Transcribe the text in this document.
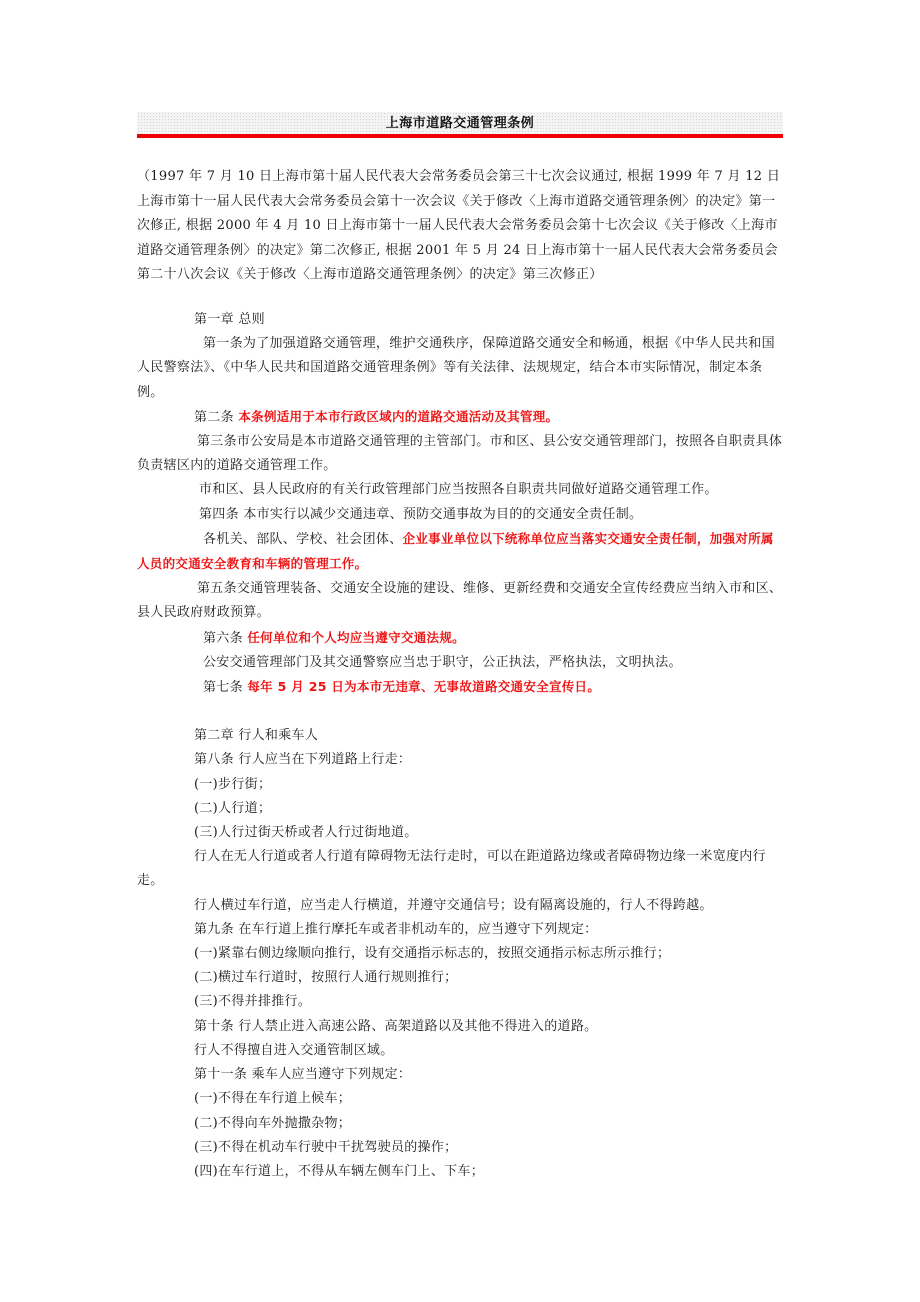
上海市道路交通管理条例

（1997 年 7 月 10 日上海市第十届人民代表大会常务委员会第三十七次会议通过, 根据 1999 年 7 月 12 日上海市第十一届人民代表大会常务委员会第十一次会议《关于修改〈上海市道路交通管理条例〉的决定》第一次修正, 根据 2000 年 4 月 10 日上海市第十一届人民代表大会常务委员会第十七次会议《关于修改〈上海市道路交通管理条例〉的决定》第二次修正, 根据 2001 年 5 月 24 日上海市第十一届人民代表大会常务委员会第二十八次会议《关于修改〈上海市道路交通管理条例〉的决定》第三次修正）

第一章 总则

第一条为了加强道路交通管理，维护交通秩序，保障道路交通安全和畅通，根据《中华人民共和国人民警察法》、《中华人民共和国道路交通管理条例》等有关法律、法规规定，结合本市实际情况，制定本条例。

第二条 本条例适用于本市行政区域内的道路交通活动及其管理。

第三条市公安局是本市道路交通管理的主管部门。市和区、县公安交通管理部门，按照各自职责具体负责辖区内的道路交通管理工作。

市和区、县人民政府的有关行政管理部门应当按照各自职责共同做好道路交通管理工作。

第四条 本市实行以减少交通违章、预防交通事故为目的的交通安全责任制。

各机关、部队、学校、社会团体、企业事业单位以下统称单位应当落实交通安全责任制，加强对所属人员的交通安全教育和车辆的管理工作。

第五条交通管理装备、交通安全设施的建设、维修、更新经费和交通安全宣传经费应当纳入市和区、县人民政府财政预算。

第六条 任何单位和个人均应当遵守交通法规。

公安交通管理部门及其交通警察应当忠于职守，公正执法，严格执法，文明执法。

第七条 每年 5 月 25 日为本市无违章、无事故道路交通安全宣传日。

第二章 行人和乘车人

第八条 行人应当在下列道路上行走：

(一)步行街；

(二)人行道；

(三)人行过街天桥或者人行过街地道。

行人在无人行道或者人行道有障碍物无法行走时，可以在距道路边缘或者障碍物边缘一米宽度内行走。

行人横过车行道，应当走人行横道，并遵守交通信号；设有隔离设施的，行人不得跨越。

第九条 在车行道上推行摩托车或者非机动车的，应当遵守下列规定：

(一)紧靠右侧边缘顺向推行，设有交通指示标志的，按照交通指示标志所示推行；

(二)横过车行道时，按照行人通行规则推行；

(三)不得并排推行。

第十条 行人禁止进入高速公路、高架道路以及其他不得进入的道路。

行人不得擅自进入交通管制区域。

第十一条 乘车人应当遵守下列规定：

(一)不得在车行道上候车；

(二)不得向车外抛撒杂物；

(三)不得在机动车行驶中干扰驾驶员的操作；

(四)在车行道上，不得从车辆左侧车门上、下车；
